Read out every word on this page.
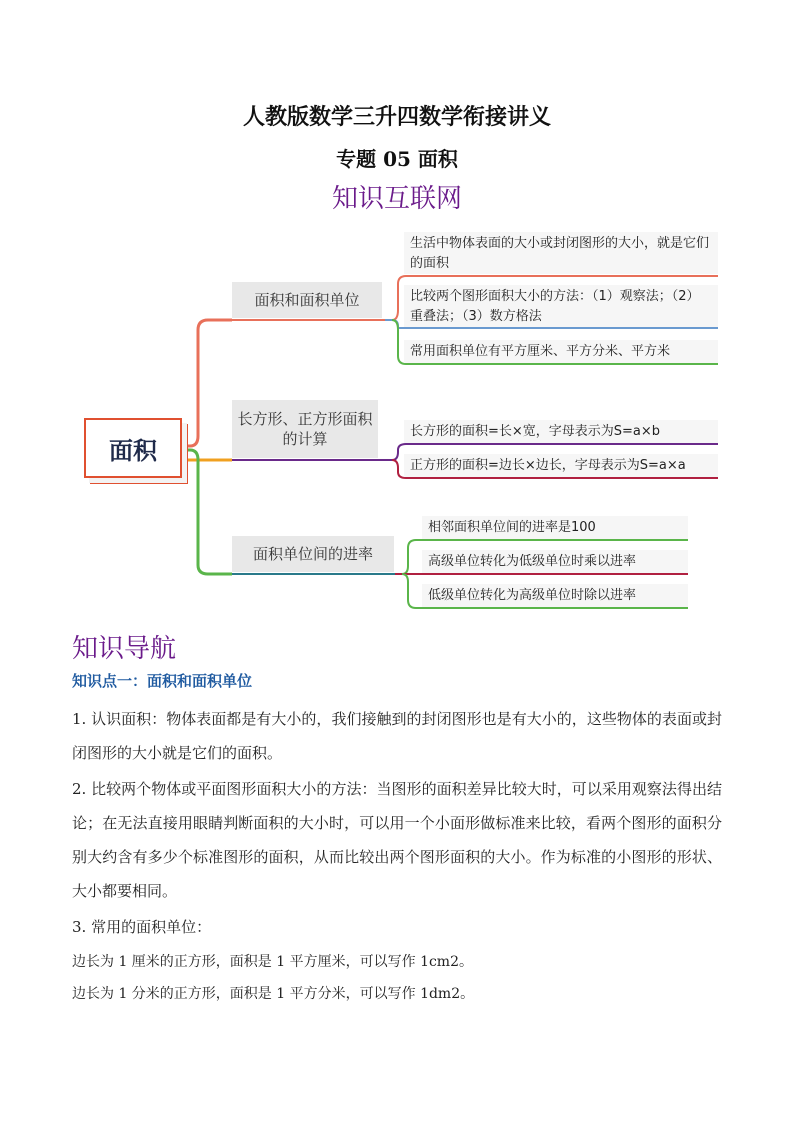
人教版数学三升四数学衔接讲义
专题 05 面积
知识互联网
面积
面积和面积单位
长方形、正方形面积的计算
面积单位间的进率
生活中物体表面的大小或封闭图形的大小，就是它们的面积
比较两个图形面积大小的方法：（1）观察法；（2）重叠法；（3）数方格法
常用面积单位有平方厘米、平方分米、平方米
长方形的面积=长×宽，字母表示为S=a×b
正方形的面积=边长×边长，字母表示为S=a×a
相邻面积单位间的进率是100
高级单位转化为低级单位时乘以进率
低级单位转化为高级单位时除以进率
知识导航
知识点一：面积和面积单位
1. 认识面积：物体表面都是有大小的，我们接触到的封闭图形也是有大小的，这些物体的表面或封闭图形的大小就是它们的面积。
2. 比较两个物体或平面图形面积大小的方法：当图形的面积差异比较大时，可以采用观察法得出结论；在无法直接用眼睛判断面积的大小时，可以用一个小面形做标准来比较，看两个图形的面积分别大约含有多少个标准图形的面积，从而比较出两个图形面积的大小。作为标准的小图形的形状、大小都要相同。
3. 常用的面积单位：
边长为 1 厘米的正方形，面积是 1 平方厘米，可以写作 1cm2。
边长为 1 分米的正方形，面积是 1 平方分米，可以写作 1dm2。
